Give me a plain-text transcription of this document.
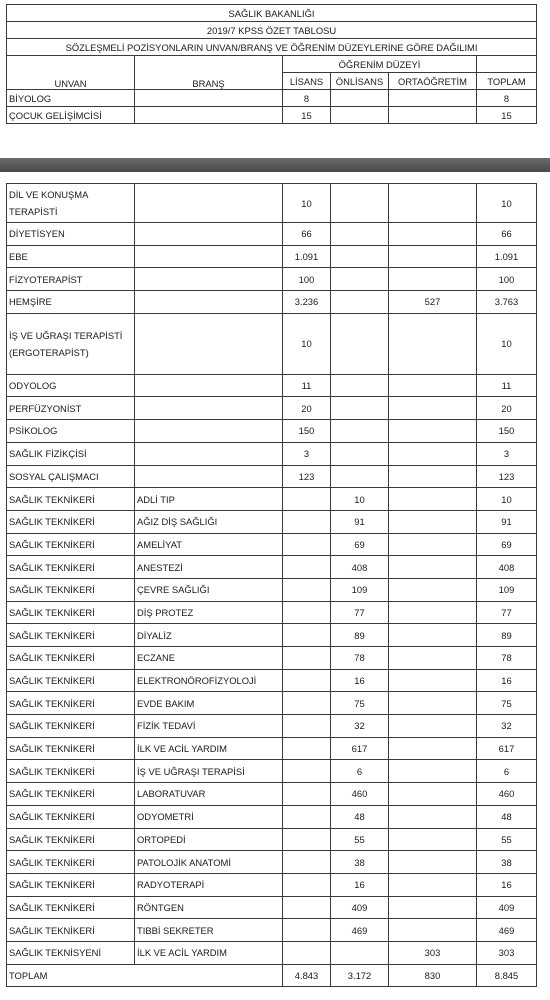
SAĞLIK BAKANLIĞI					
2019/7 KPSS ÖZET TABLOSU					
SÖZLEŞMELİ POZİSYONLARIN UNVAN/BRANŞ VE ÖĞRENİM DÜZEYLERİNE GÖRE DAĞILIMI					
UNVAN	BRANŞ	ÖĞRENİM DÜZEYİ			
		LİSANS	ÖNLİSANS	ORTAÖĞRETİM	TOPLAM
BİYOLOG		8			8
ÇOCUK GELİŞİMCİSİ		15			15
DİL VE KONUŞMA TERAPİSTİ		10			10
DİYETİSYEN		66			66
EBE		1.091			1.091
FİZYOTERAPİST		100			100
HEMŞİRE		3.236		527	3.763
İŞ VE UĞRAŞI TERAPİSTİ (ERGOTERAPİST)		10			10
ODYOLOG		11			11
PERFÜZYONİST		20			20
PSİKOLOG		150			150
SAĞLIK FİZİKÇİSİ		3			3
SOSYAL ÇALIŞMACI		123			123
SAĞLIK TEKNİKERİ	ADLİ TIP		10		10
SAĞLIK TEKNİKERİ	AĞIZ DİŞ SAĞLIĞI		91		91
SAĞLIK TEKNİKERİ	AMELİYAT		69		69
SAĞLIK TEKNİKERİ	ANESTEZİ		408		408
SAĞLIK TEKNİKERİ	ÇEVRE SAĞLIĞI		109		109
SAĞLIK TEKNİKERİ	DİŞ PROTEZ		77		77
SAĞLIK TEKNİKERİ	DİYALİZ		89		89
SAĞLIK TEKNİKERİ	ECZANE		78		78
SAĞLIK TEKNİKERİ	ELEKTRONÖROFİZYOLOJİ		16		16
SAĞLIK TEKNİKERİ	EVDE BAKIM		75		75
SAĞLIK TEKNİKERİ	FİZİK TEDAVİ		32		32
SAĞLIK TEKNİKERİ	İLK VE ACİL YARDIM		617		617
SAĞLIK TEKNİKERİ	İŞ VE UĞRAŞI TERAPİSİ		6		6
SAĞLIK TEKNİKERİ	LABORATUVAR		460		460
SAĞLIK TEKNİKERİ	ODYOMETRİ		48		48
SAĞLIK TEKNİKERİ	ORTOPEDİ		55		55
SAĞLIK TEKNİKERİ	PATOLOJİK ANATOMİ		38		38
SAĞLIK TEKNİKERİ	RADYOTERAPİ		16		16
SAĞLIK TEKNİKERİ	RÖNTGEN		409		409
SAĞLIK TEKNİKERİ	TIBBİ SEKRETER		469		469
SAĞLIK TEKNİSYENİ	İLK VE ACİL YARDIM			303	303
TOPLAM		4.843	3.172	830	8.845
